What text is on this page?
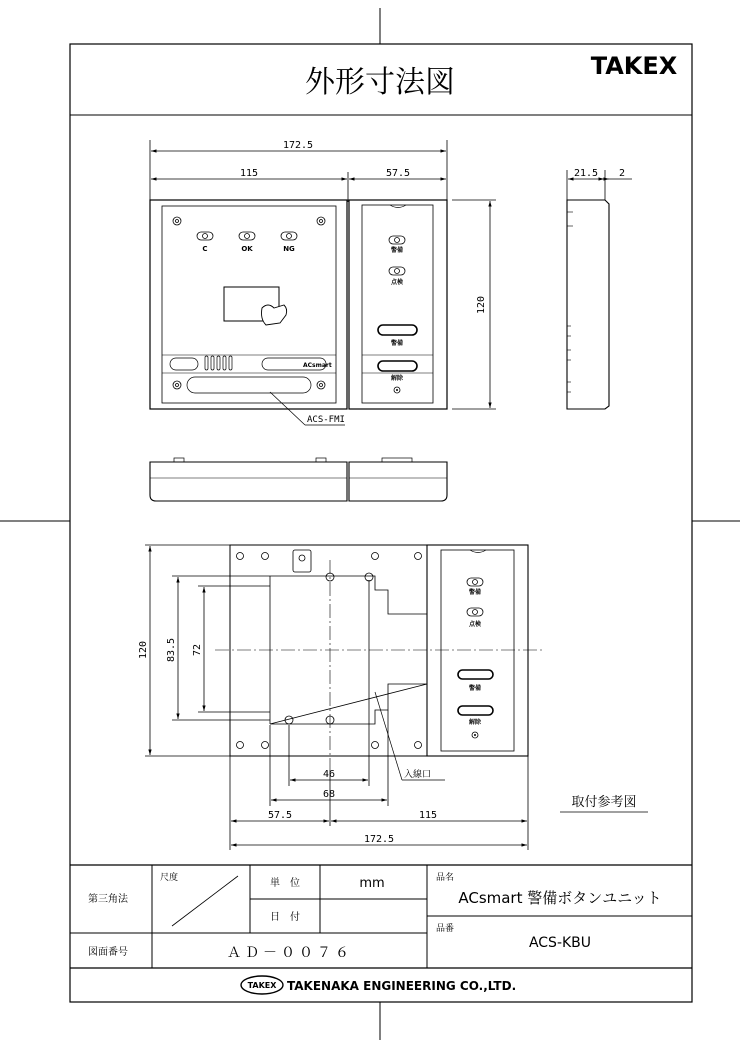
外形寸法図	TAKEX
172.5
115	57.5
120
C	OK	NG
ACsmart
ACS-FMI
警備
点検
警備
解除
21.5 2
警備
点検
警備
解除
120 83.5 72
46
68
57.5	115
172.5
入線口
取付参考図
第三角法
尺度	単　位	mm
日　付
品名
ACsmart 警備ボタンユニット
品番
ACS-KBU
図面番号	ＡＤ－００７６
TAKEX TAKENAKA ENGINEERING CO.,LTD.
